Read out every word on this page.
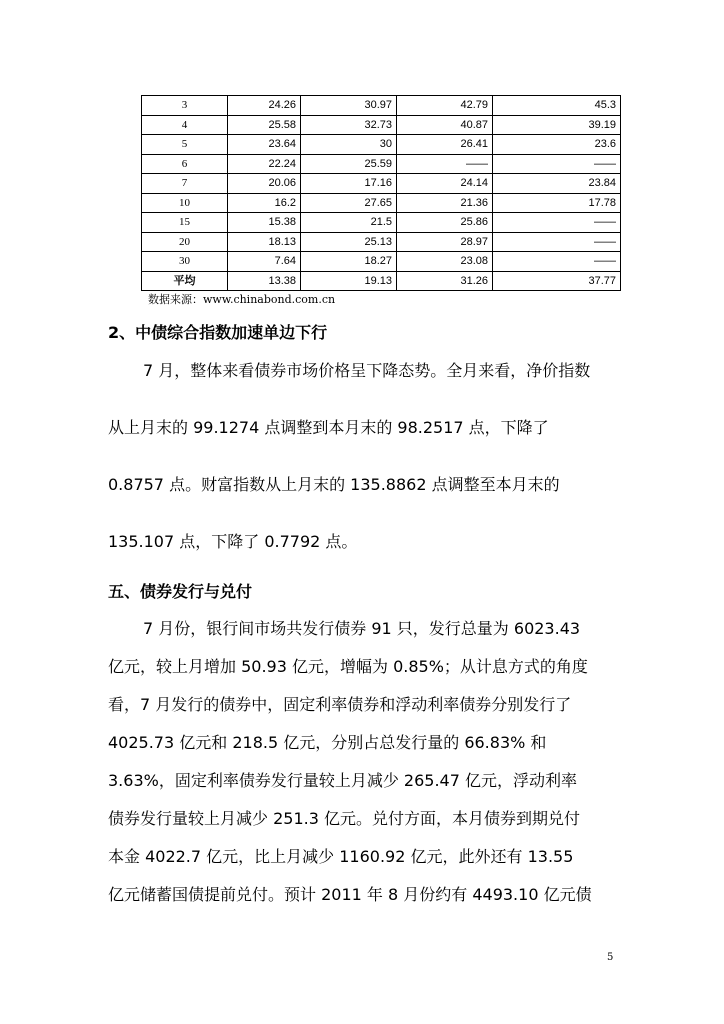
3	24.26	30.97	42.79	45.3
4	25.58	32.73	40.87	39.19
5	23.64	30	26.41	23.6
6	22.24	25.59	——	——
7	20.06	17.16	24.14	23.84
10	16.2	27.65	21.36	17.78
15	15.38	21.5	25.86	——
20	18.13	25.13	28.97	——
30	7.64	18.27	23.08	——
平均	13.38	19.13	31.26	37.77
数据来源：www.chinabond.com.cn
2、中债综合指数加速单边下行
7 月，整体来看债券市场价格呈下降态势。全月来看，净价指数
从上月末的 99.1274 点调整到本月末的 98.2517 点，下降了
0.8757 点。财富指数从上月末的 135.8862 点调整至本月末的
135.107 点，下降了 0.7792 点。
五、债券发行与兑付
7 月份，银行间市场共发行债券 91 只，发行总量为 6023.43
亿元，较上月增加 50.93 亿元，增幅为 0.85%；从计息方式的角度
看，7 月发行的债券中，固定利率债券和浮动利率债券分别发行了
4025.73 亿元和 218.5 亿元，分别占总发行量的 66.83% 和
3.63%，固定利率债券发行量较上月减少 265.47 亿元，浮动利率
债券发行量较上月减少 251.3 亿元。兑付方面，本月债券到期兑付
本金 4022.7 亿元，比上月减少 1160.92 亿元，此外还有 13.55
亿元储蓄国债提前兑付。预计 2011 年 8 月份约有 4493.10 亿元债
5
